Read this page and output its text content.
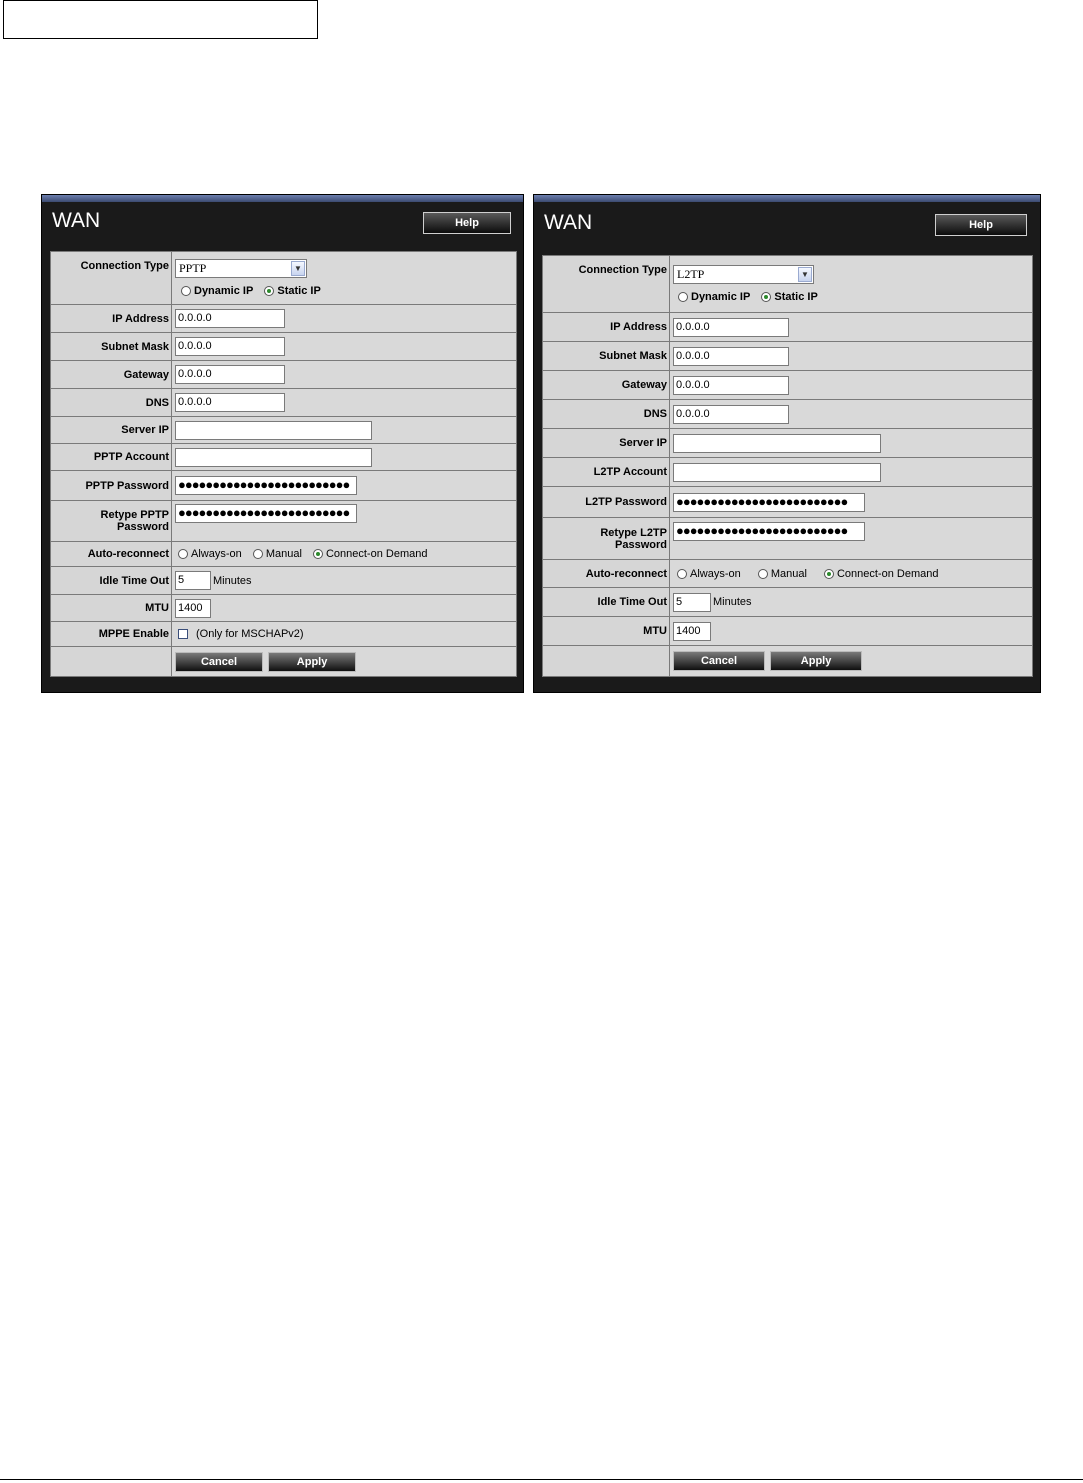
WAN	Help
Connection Type	PPTP ▼
Dynamic IP Static IP
IP Address	0.0.0.0
Subnet Mask	0.0.0.0
Gateway	0.0.0.0
DNS	0.0.0.0
Server IP	
PPTP Account	
PPTP Password	●●●●●●●●●●●●●●●●●●●●●●●●●
Retype PPTP
Password	●●●●●●●●●●●●●●●●●●●●●●●●●
Auto-reconnect	Always-on Manual Connect-on Demand
Idle Time Out	5 Minutes
MTU	1400
MPPE Enable	(Only for MSCHAPv2)
	Cancel Apply
WAN	Help
Connection Type	L2TP ▼
Dynamic IP Static IP
IP Address	0.0.0.0
Subnet Mask	0.0.0.0
Gateway	0.0.0.0
DNS	0.0.0.0
Server IP	
L2TP Account	
L2TP Password	●●●●●●●●●●●●●●●●●●●●●●●●●
Retype L2TP
Password	●●●●●●●●●●●●●●●●●●●●●●●●●
Auto-reconnect	Always-on Manual Connect-on Demand
Idle Time Out	5 Minutes
MTU	1400
	Cancel Apply
